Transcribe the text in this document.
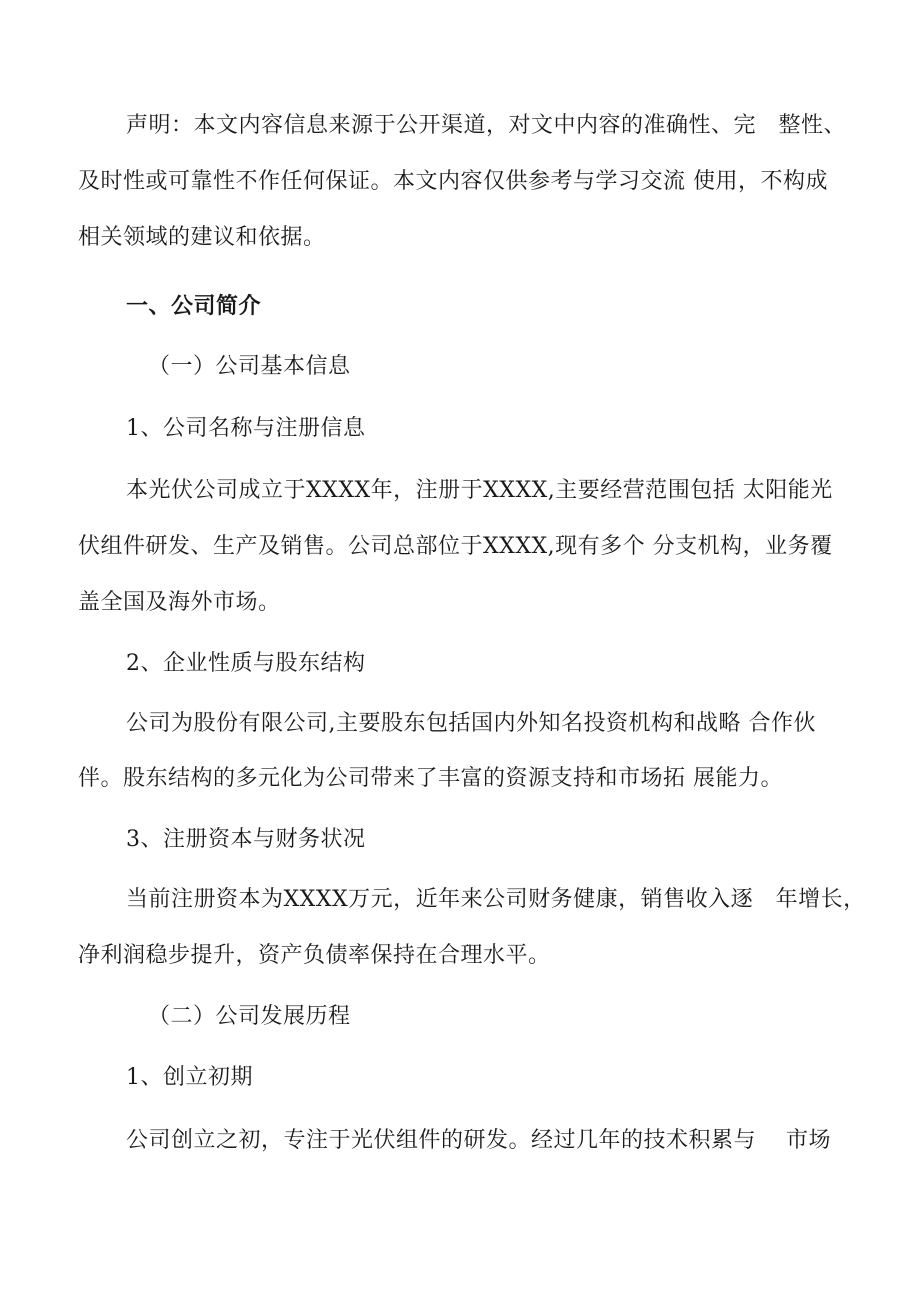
声明：本文内容信息来源于公开渠道，对文中内容的准确性、完   整性、
及时性或可靠性不作任何保证。本文内容仅供参考与学习交流 使用，不构成
相关领域的建议和依据。
一、公司简介
（一）公司基本信息
1、公司名称与注册信息
本光伏公司成立于XXXX年，注册于XXXX,主要经营范围包括 太阳能光
伏组件研发、生产及销售。公司总部位于XXXX,现有多个 分支机构，业务覆
盖全国及海外市场。
2、企业性质与股东结构
公司为股份有限公司,主要股东包括国内外知名投资机构和战略 合作伙
伴。股东结构的多元化为公司带来了丰富的资源支持和市场拓 展能力。
3、注册资本与财务状况
当前注册资本为XXXX万元，近年来公司财务健康，销售收入逐   年增长，
净利润稳步提升，资产负债率保持在合理水平。
（二）公司发展历程
1、创立初期
公司创立之初，专注于光伏组件的研发。经过几年的技术积累与    市场
